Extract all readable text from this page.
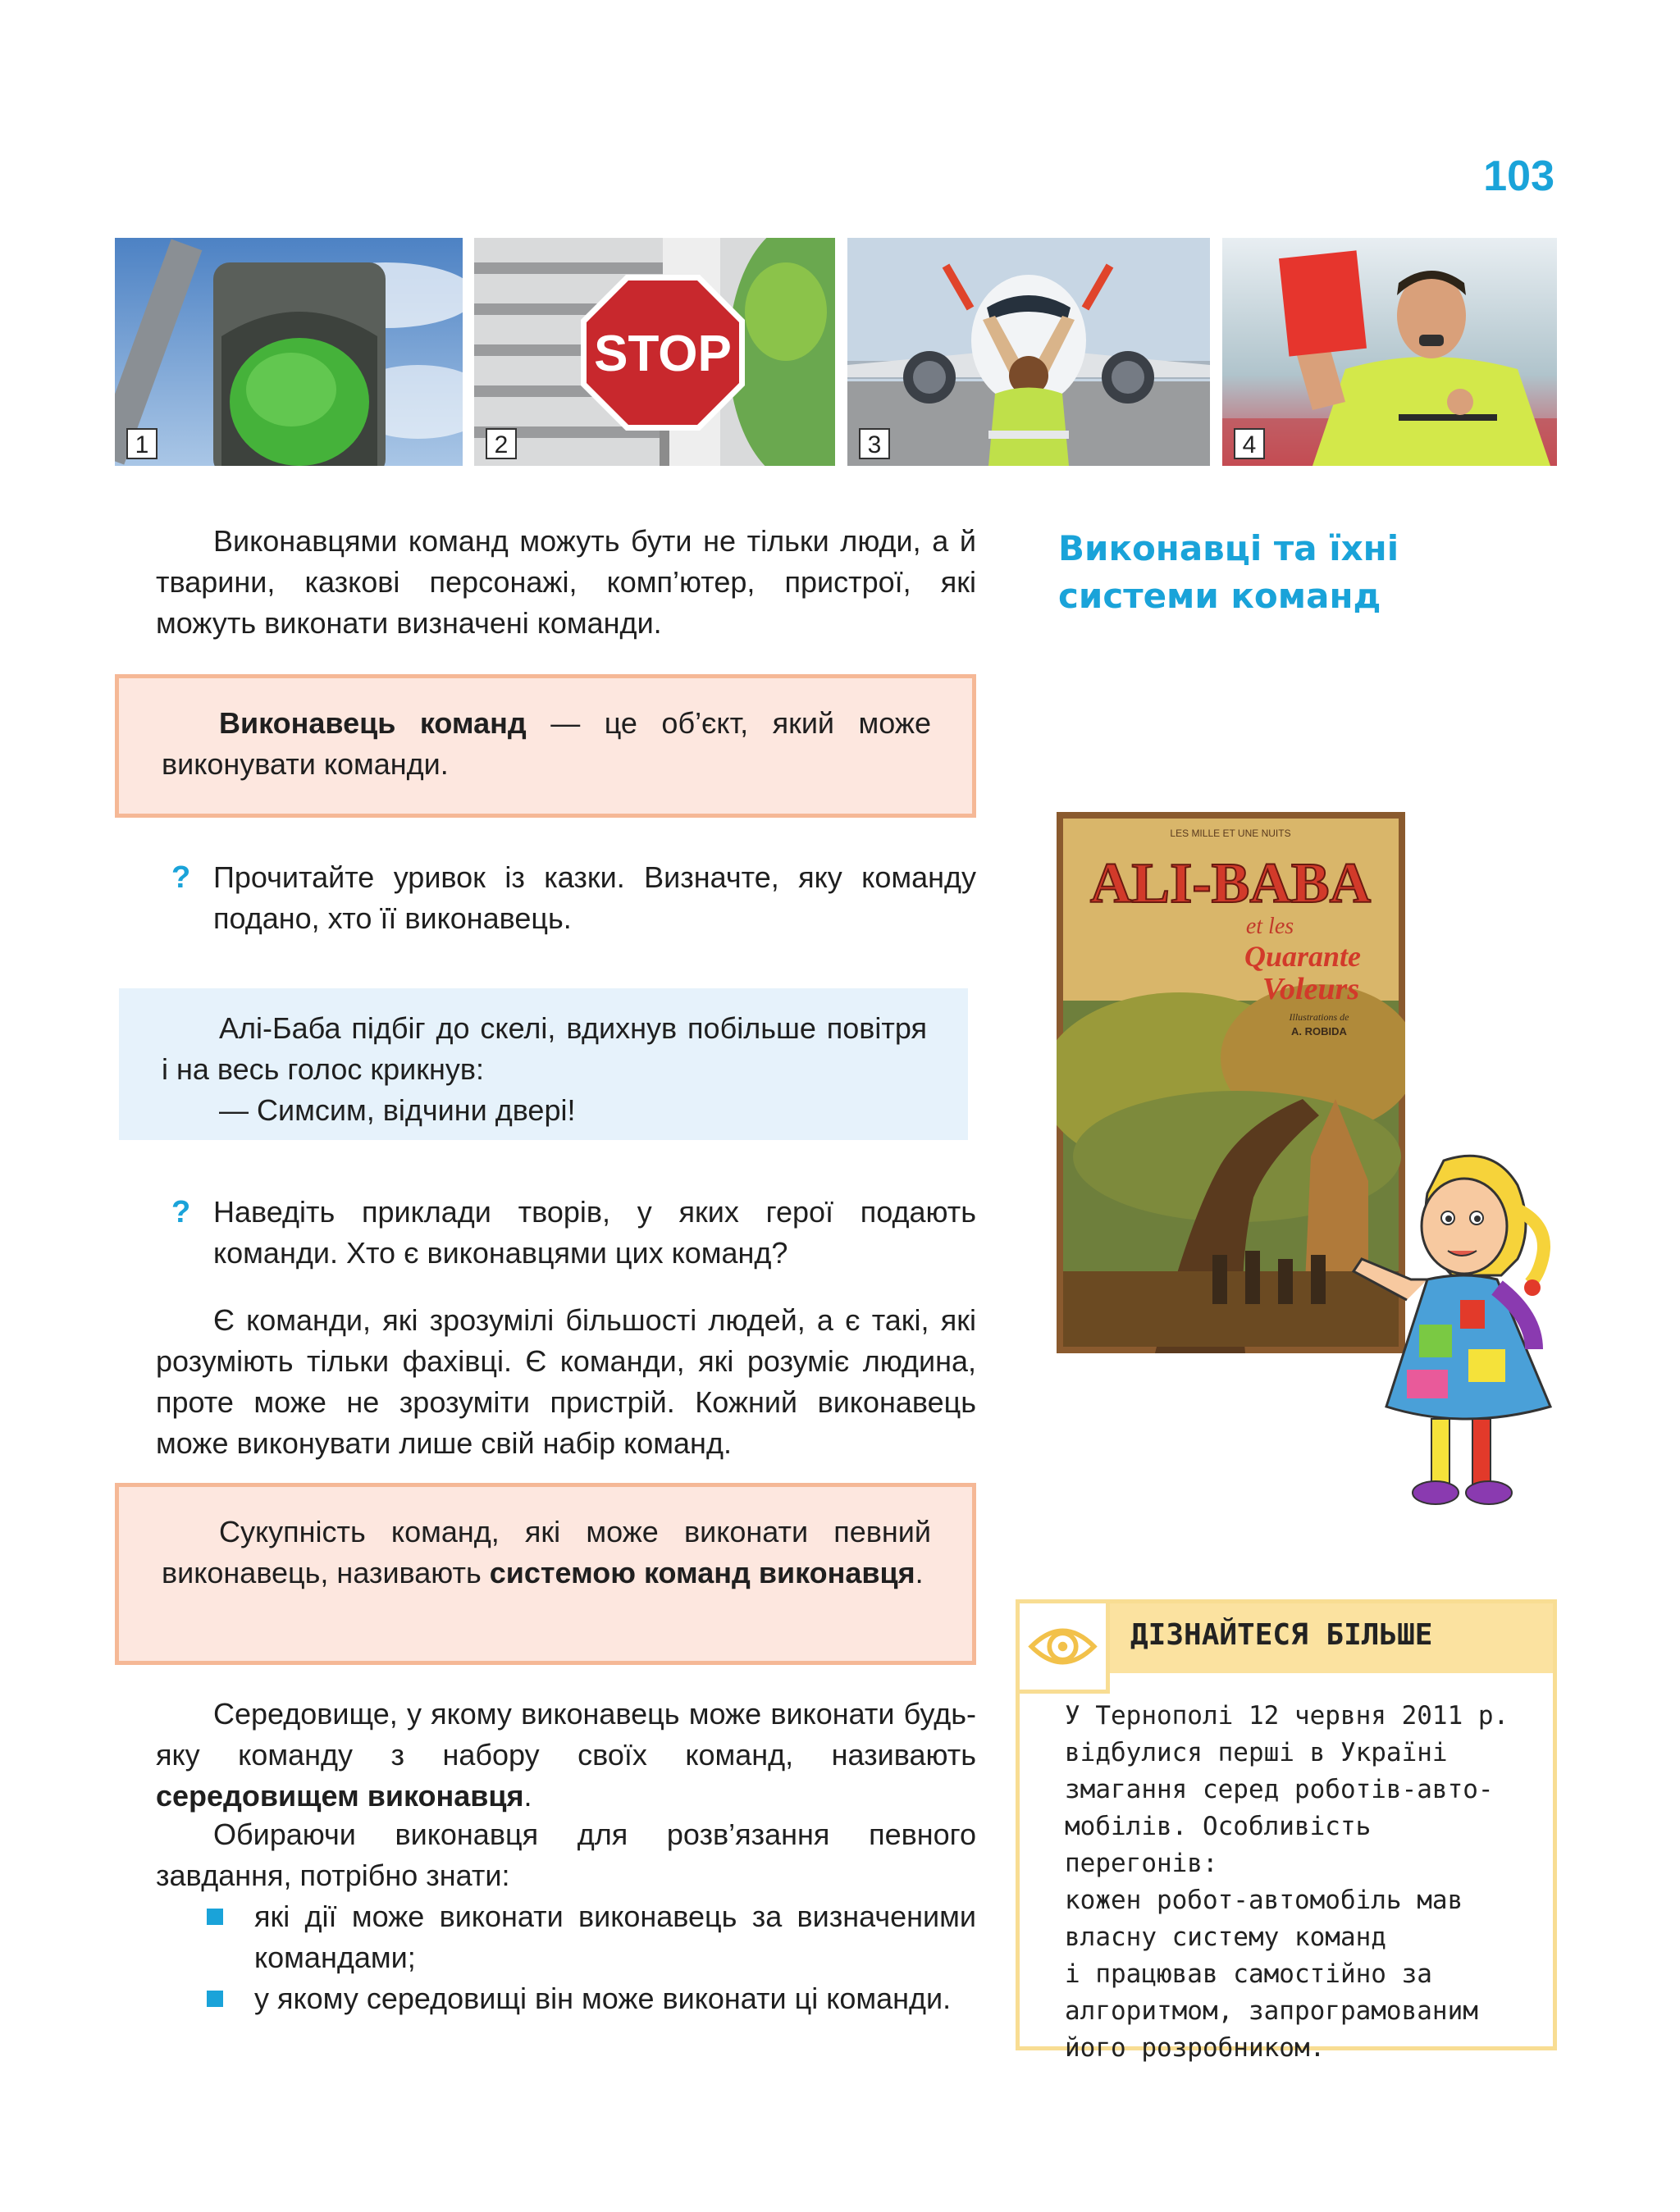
103
1
STOP
2	3	4
Виконавцями команд можуть бути не тільки люди, а й тварини, казкові персонажі, комп’ютер, пристрої, які можуть виконати визначені команди.
Виконавці та їхні
системи команд
Виконавець команд — це об’єкт, який може виконувати команди.
? Прочитайте уривок із казки. Визначте, яку команду подано, хто її виконавець.
Алі-Баба підбіг до скелі, вдихнув побільше повітря і на весь голос крикнув:
— Симсим, відчини двері!
? Наведіть приклади творів, у яких герої подають команди. Хто є виконавцями цих команд?
Є команди, які зрозумілі більшості людей, а є такі, які розуміють тільки фахівці. Є команди, які розуміє людина, проте може не зрозуміти пристрій. Кожний виконавець може виконувати лише свій набір команд.
Сукупність команд, які може виконати певний виконавець, називають системою команд виконавця.
Середовище, у якому виконавець може виконати будь-яку команду з набору своїх команд, називають середовищем виконавця.
Обираючи виконавця для розв’язання певного завдання, потрібно знати:
які дії може виконати виконавець за визначеними командами;
у якому середовищі він може виконати ці команди.
LES MILLE ET UNE NUITS
ALI-BABA
et les
Quarante
Voleurs
Illustrations de
A. ROBIDA
ДІЗНАЙТЕСЯ БІЛЬШЕ
У Тернополі 12 червня 2011 р.
відбулися перші в Україні
змагання серед роботів-авто-
мобілів. Особливість перегонів:
кожен робот-автомобіль мав
власну систему команд
і працював самостійно за
алгоритмом, запрограмованим
його розробником.
